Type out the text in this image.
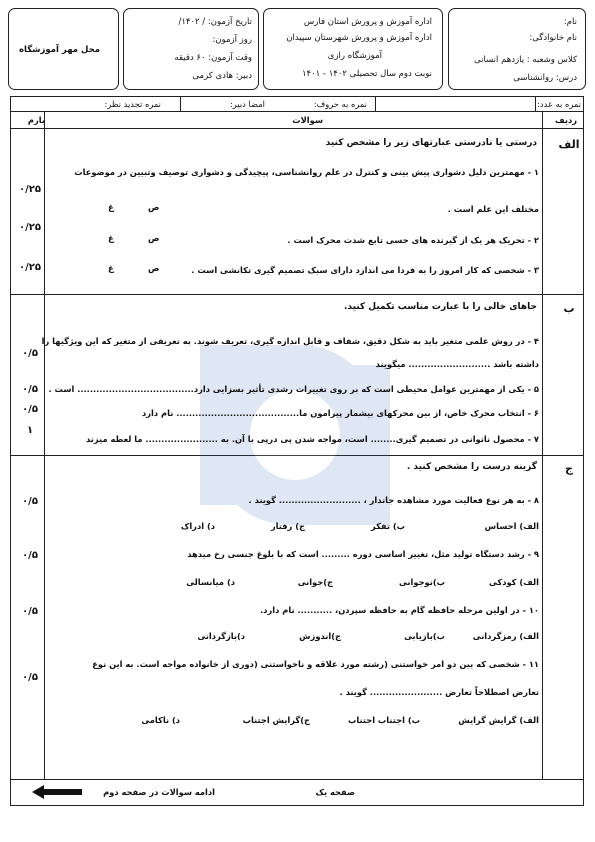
نام:
نام خانوادگی:
کلاس وشعبه : یازدهم انسانی
درس: روانشناسی
اداره آموزش و پرورش استان فارس
اداره آموزش و پرورش شهرستان سپیدان
آموزشگاه رازی
نوبت دوم سال تحصیلی ۱۴۰۲ - ۱۴۰۱
تاریخ آزمون: / ۱۴۰۲/
روز آزمون:
وقت آزمون: ۶۰ دقیقه
دبیر: هادی کرمی
محل مهر آموزشگاه
نمره به عدد:
نمره به حروف:
امضا دبیر:
نمره تجدید نظر:
ردیف
سوالات
بارم
الف
درستی یا نادرستی عبارتهای زیر را مشخص کنید
۱ - مهمترین دلیل دشواری پیش بینی و کنترل در علم روانشناسی، پیچیدگی و دشواری توصیف وتبیین در موضوعات
مختلف این علم است .
ص
غ
۰/۲۵
۲ - تحریک هر یک از گیرنده های حسی تابع شدت محرک است .
ص
غ
۰/۲۵
۳ - شخصی که کار امروز را به فردا می اندازد دارای سبک تصمیم گیری تکانشی است .
ص
غ
۰/۲۵
ب
جاهای خالی را با عبارت مناسب تکمیل کنید.
۴ - در روش علمی متغیر باید به شکل دقیق، شفاف و قابل اندازه گیری، تعریف شوند. به تعریفی از متغیر که این ویژگیها را
داشته باشد .......................... میگویند
۰/۵
۵ - یکی از مهمترین عوامل محیطی است که بر روی تغییرات رشدی تأثیر بسزایی دارد..................................... است .
۰/۵
۶ - انتخاب محرک خاص، از بین محرکهای بیشمار پیرامون ما....................................... نام دارد
۰/۵
۷ - محصول ناتوانی در تصمیم گیری........ است، مواجه شدن پی درپی با آن. به ....................... ما لعطه میزند
۱
ج
گزینه درست را مشخص کنید .
۸ - به هر نوع فعالیت مورد مشاهده جاندار ، .......................... گویند .
۰/۵
الف) احساس
ب) تفکر
ج) رفتار
د) ادراک
۹ - رشد دستگاه تولید مثل، تغییر اساسی دوره ......... است که با بلوغ جنسی رخ میدهد
۰/۵
الف) کودکی
ب)نوجوانی
ج)جوانی
د) میانسالی
۱۰ - در اولین مرحله حافظه گام به حافظه سپردن، ........... نام دارد.
۰/۵
الف) رمزگردانی
ب)بازیابی
ج)اندوزش
د)بازگردانی
۱۱ - شخصی که بین دو امر خواستنی (رشته مورد علاقه و ناخواستنی (دوری از خانواده مواجه است. به این نوع
تعارض اصطلاحاً تعارض ....................... گویند .
۰/۵
الف) گرایش گرایش
ب) اجتناب اجتناب
ج)گرایش اجتناب
د) ناکامی
صفحه یک
ادامه سوالات در صفحه دوم
